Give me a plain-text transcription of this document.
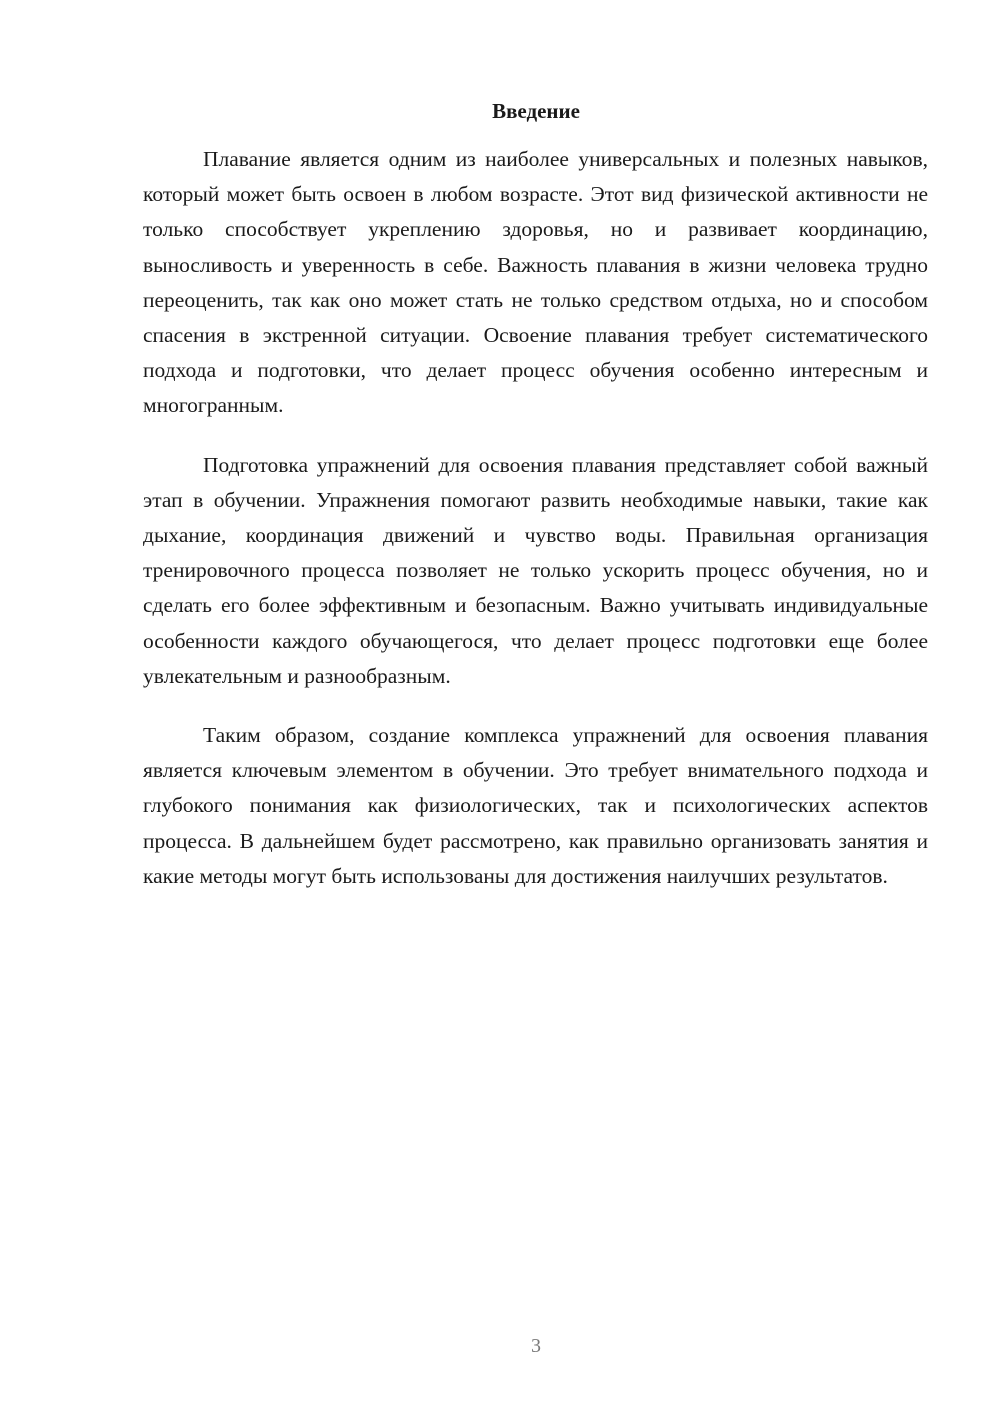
Введение

Плавание является одним из наиболее универсальных и полезных навыков, который может быть освоен в любом возрасте. Этот вид физической активности не только способствует укреплению здоровья, но и развивает координацию, выносливость и уверенность в себе. Важность плавания в жизни человека трудно переоценить, так как оно может стать не только средством отдыха, но и способом спасения в экстренной ситуации. Освоение плавания требует систематического подхода и подготовки, что делает процесс обучения особенно интересным и многогранным.

Подготовка упражнений для освоения плавания представляет собой важный этап в обучении. Упражнения помогают развить необходимые навыки, такие как дыхание, координация движений и чувство воды. Правильная организация тренировочного процесса позволяет не только ускорить процесс обучения, но и сделать его более эффективным и безопасным. Важно учитывать индивидуальные особенности каждого обучающегося, что делает процесс подготовки еще более увлекательным и разнообразным.

Таким образом, создание комплекса упражнений для освоения плавания является ключевым элементом в обучении. Это требует внимательного подхода и глубокого понимания как физиологических, так и психологических аспектов процесса. В дальнейшем будет рассмотрено, как правильно организовать занятия и какие методы могут быть использованы для достижения наилучших результатов.

3
